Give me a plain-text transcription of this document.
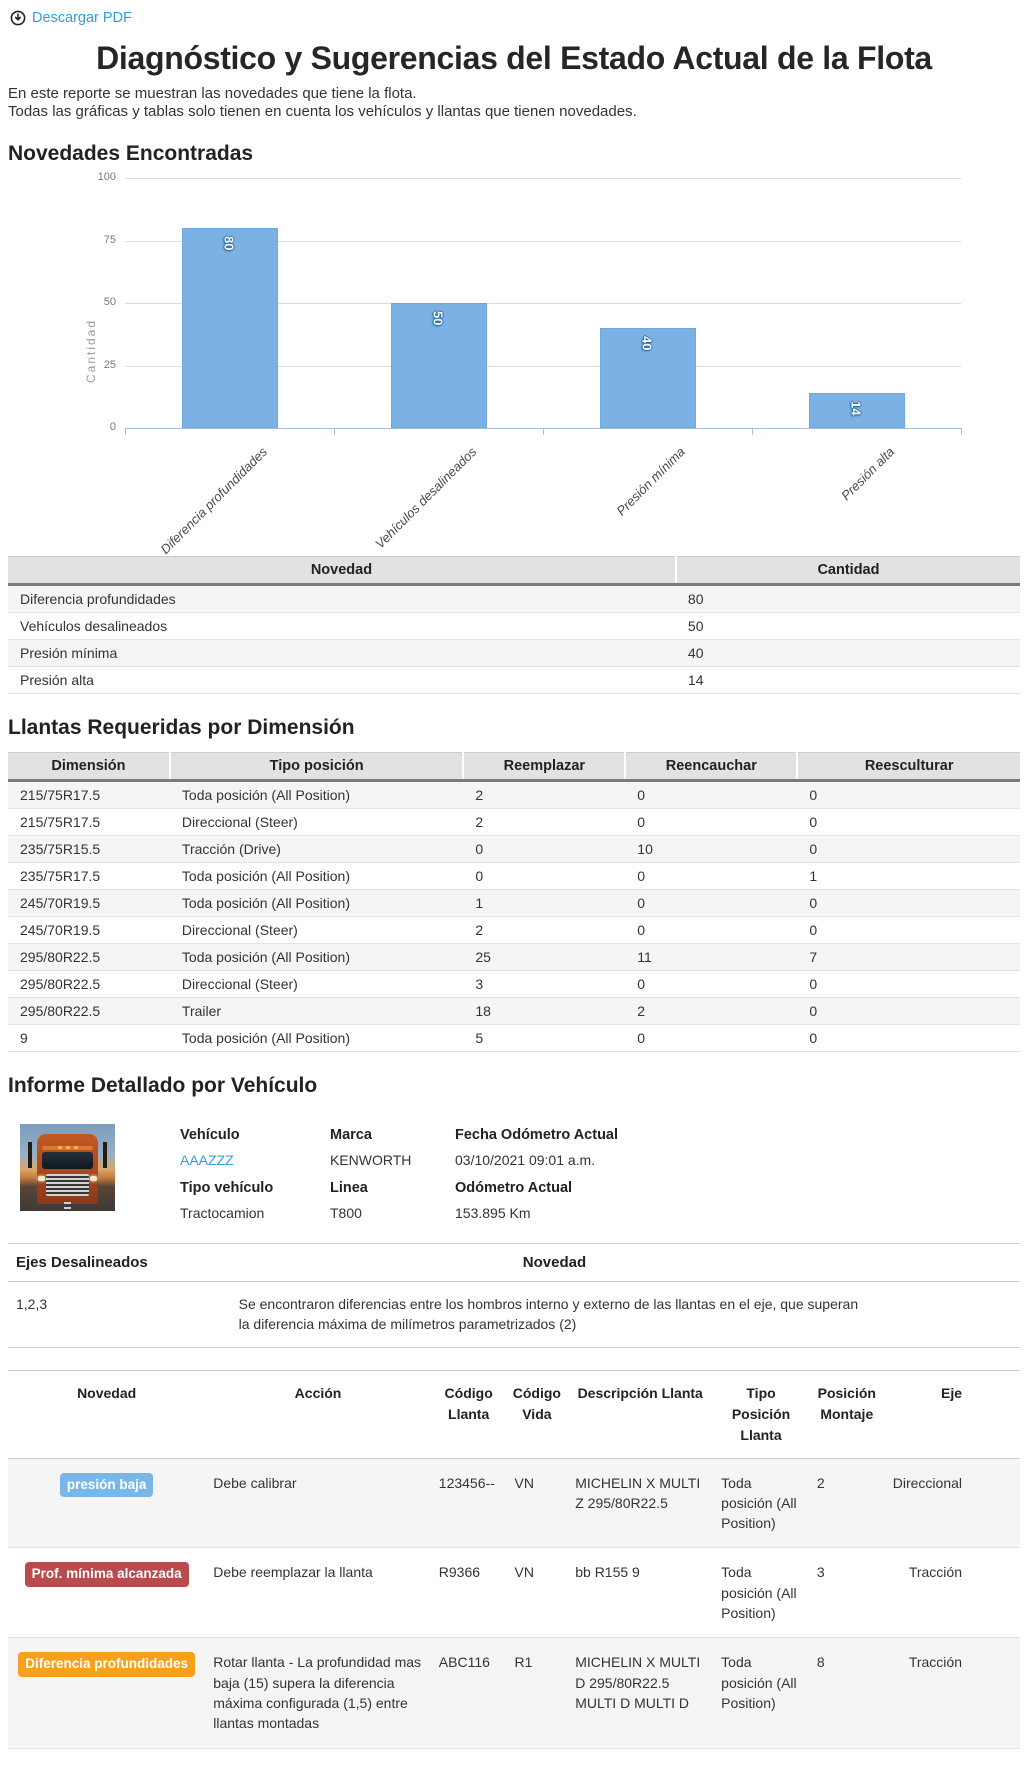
Descargar PDF
Diagnóstico y Sugerencias del Estado Actual de la Flota

En este reporte se muestran las novedades que tiene la flota.

Todas las gráficas y tablas solo tienen en cuenta los vehículos y llantas que tienen novedades.

Novedades Encontradas
Cantidad
0
25
50
75
100
80
Diferencia profundidades
50
Vehículos desalineados
40
Presión mínima
14
Presión alta
Novedad	Cantidad
Diferencia profundidades	80
Vehículos desalineados	50
Presión mínima	40
Presión alta	14
Llantas Requeridas por Dimensión
Dimensión	Tipo posición	Reemplazar	Reencauchar	Reesculturar
215/75R17.5	Toda posición (All Position)	2	0	0
215/75R17.5	Direccional (Steer)	2	0	0
235/75R15.5	Tracción (Drive)	0	10	0
235/75R17.5	Toda posición (All Position)	0	0	1
245/70R19.5	Toda posición (All Position)	1	0	0
245/70R19.5	Direccional (Steer)	2	0	0
295/80R22.5	Toda posición (All Position)	25	11	7
295/80R22.5	Direccional (Steer)	3	0	0
295/80R22.5	Trailer	18	2	0
9	Toda posición (All Position)	5	0	0
Informe Detallado por Vehículo
Vehículo	Marca	Fecha Odómetro Actual
AAAZZZ	KENWORTH	03/10/2021 09:01 a.m.
Tipo vehículo	Linea	Odómetro Actual
Tractocamion	T800	153.895 Km
Ejes Desalineados	Novedad	
1,2,3	Se encontraron diferencias entre los hombros interno y externo de las llantas en el eje, que superan la diferencia máxima de milímetros parametrizados (2)	
Novedad	Acción	Código Llanta	Código Vida	Descripción Llanta	Tipo Posición Llanta	Posición Montaje	Eje
presión baja	Debe calibrar	123456--	VN	MICHELIN X MULTI Z 295/80R22.5	Toda posición (All Position)	2	Direccional
Prof. mínima alcanzada	Debe reemplazar la llanta	R9366	VN	bb R155 9	Toda posición (All Position)	3	Tracción
Diferencia profundidades	Rotar llanta - La profundidad mas baja (15) supera la diferencia máxima configurada (1,5) entre llantas montadas	ABC116	R1	MICHELIN X MULTI D 295/80R22.5 MULTI D MULTI D	Toda posición (All Position)	8	Tracción
